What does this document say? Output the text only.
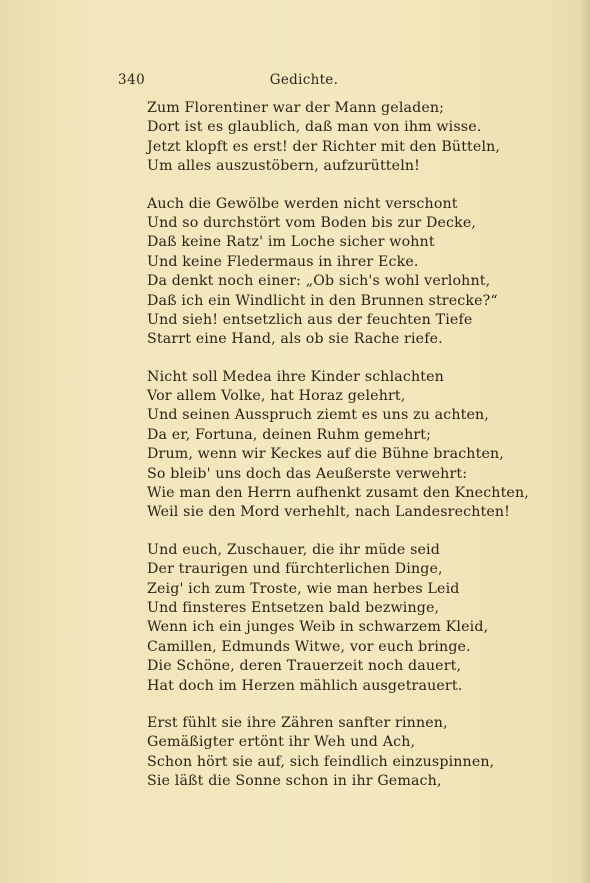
340	Gedichte.
Zum Florentiner war der Mann geladen;
Dort ist es glaublich, daß man von ihm wisse.
Jetzt klopft es erst! der Richter mit den Bütteln,
Um alles auszustöbern, aufzurütteln!
Auch die Gewölbe werden nicht verschont
Und so durchstört vom Boden bis zur Decke,
Daß keine Ratz' im Loche sicher wohnt
Und keine Fledermaus in ihrer Ecke.
Da denkt noch einer: „Ob sich's wohl verlohnt,
Daß ich ein Windlicht in den Brunnen strecke?“
Und sieh! entsetzlich aus der feuchten Tiefe
Starrt eine Hand, als ob sie Rache riefe.
Nicht soll Medea ihre Kinder schlachten
Vor allem Volke, hat Horaz gelehrt,
Und seinen Ausspruch ziemt es uns zu achten,
Da er, Fortuna, deinen Ruhm gemehrt;
Drum, wenn wir Keckes auf die Bühne brachten,
So bleib' uns doch das Aeußerste verwehrt:
Wie man den Herrn aufhenkt zusamt den Knechten,
Weil sie den Mord verhehlt, nach Landesrechten!
Und euch, Zuschauer, die ihr müde seid
Der traurigen und fürchterlichen Dinge,
Zeig' ich zum Troste, wie man herbes Leid
Und finsteres Entsetzen bald bezwinge,
Wenn ich ein junges Weib in schwarzem Kleid,
Camillen, Edmunds Witwe, vor euch bringe.
Die Schöne, deren Trauerzeit noch dauert,
Hat doch im Herzen mählich ausgetrauert.
Erst fühlt sie ihre Zähren sanfter rinnen,
Gemäßigter ertönt ihr Weh und Ach,
Schon hört sie auf, sich feindlich einzuspinnen,
Sie läßt die Sonne schon in ihr Gemach,
